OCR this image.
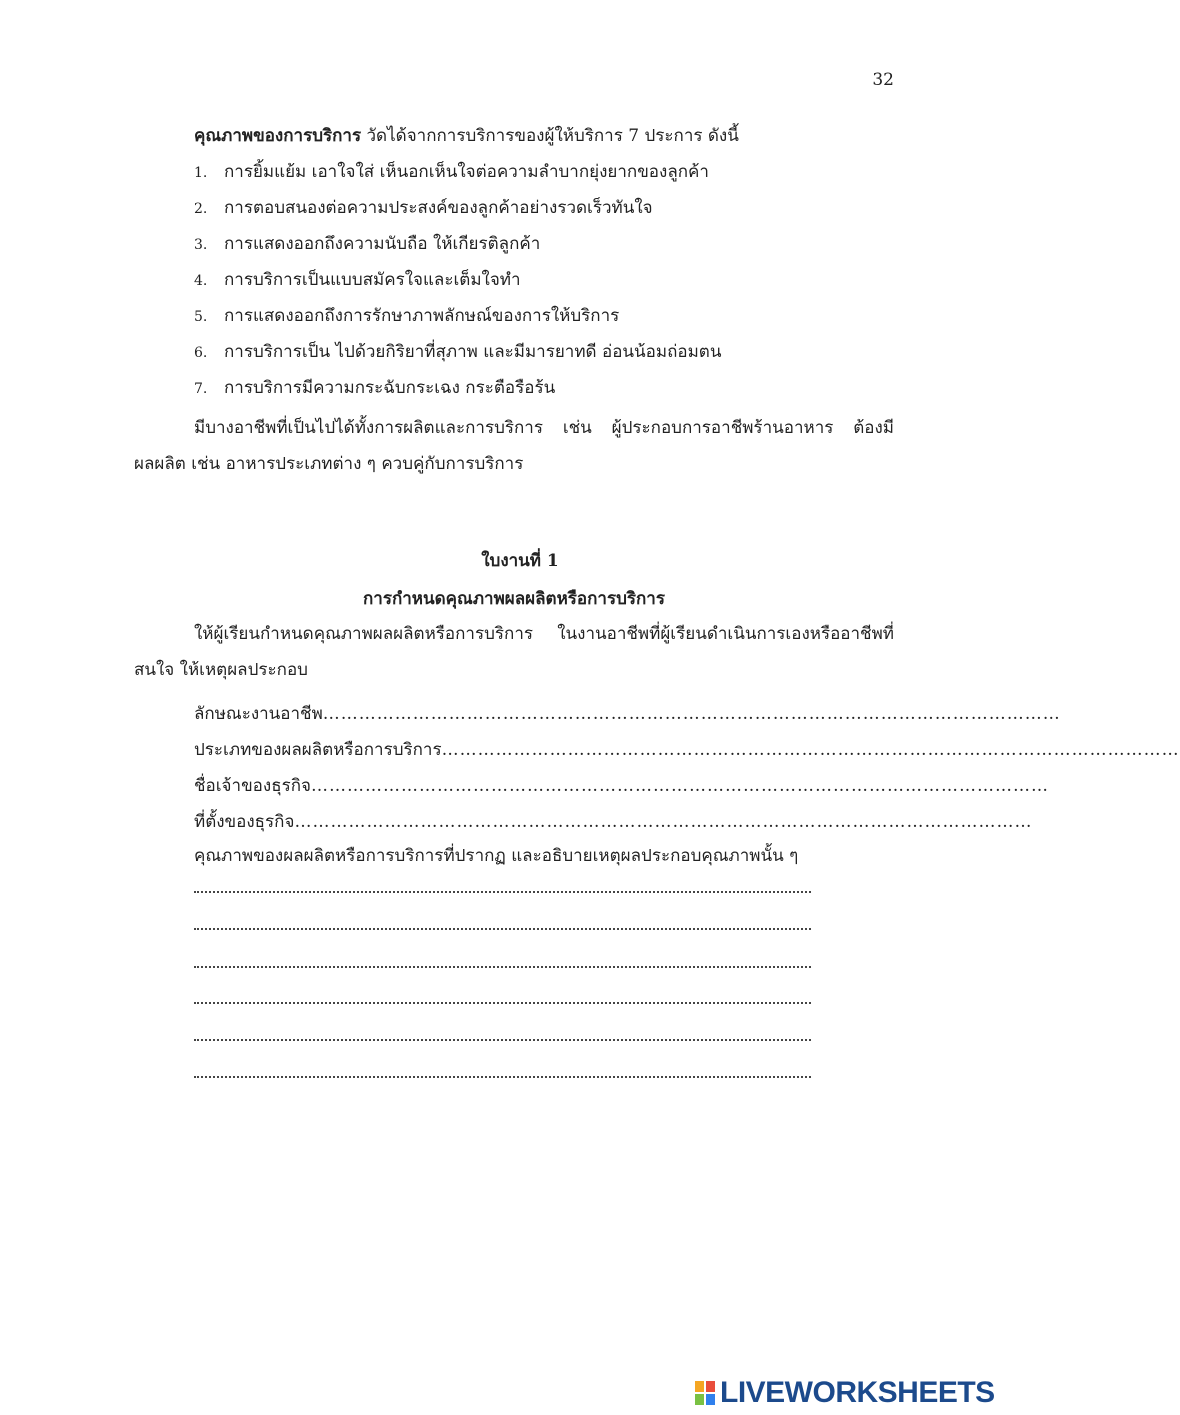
32
คุณภาพของการบริการ วัดได้จากการบริการของผู้ให้บริการ 7 ประการ ดังนี้
1. การยิ้มแย้ม เอาใจใส่ เห็นอกเห็นใจต่อความลำบากยุ่งยากของลูกค้า
2. การตอบสนองต่อความประสงค์ของลูกค้าอย่างรวดเร็วทันใจ
3. การแสดงออกถึงความนับถือ ให้เกียรติลูกค้า
4. การบริการเป็นแบบสมัครใจและเต็มใจทำ
5. การแสดงออกถึงการรักษาภาพลักษณ์ของการให้บริการ
6. การบริการเป็น ไปด้วยกิริยาที่สุภาพ และมีมารยาทดี อ่อนน้อมถ่อมตน
7. การบริการมีความกระฉับกระเฉง กระตือรือร้น

มีบางอาชีพที่เป็นไปได้ทั้งการผลิตและการบริการ เช่น ผู้ประกอบการอาชีพร้านอาหาร ต้องมีผลผลิต เช่น อาหารประเภทต่าง ๆ ควบคู่กับการบริการ

ใบงานที่ 1
การกำหนดคุณภาพผลผลิตหรือการบริการ

ให้ผู้เรียนกำหนดคุณภาพผลผลิตหรือการบริการ ในงานอาชีพที่ผู้เรียนดำเนินการเองหรืออาชีพที่สนใจ ให้เหตุผลประกอบ

ลักษณะงานอาชีพ……………………………………………………………………………………………………………
ประเภทของผลผลิตหรือการบริการ……………………………………………………………………………………………………………
ชื่อเจ้าของธุรกิจ……………………………………………………………………………………………………………
ที่ตั้งของธุรกิจ……………………………………………………………………………………………………………
คุณภาพของผลผลิตหรือการบริการที่ปรากฏ และอธิบายเหตุผลประกอบคุณภาพนั้น ๆ
LIVEWORKSHEETS
